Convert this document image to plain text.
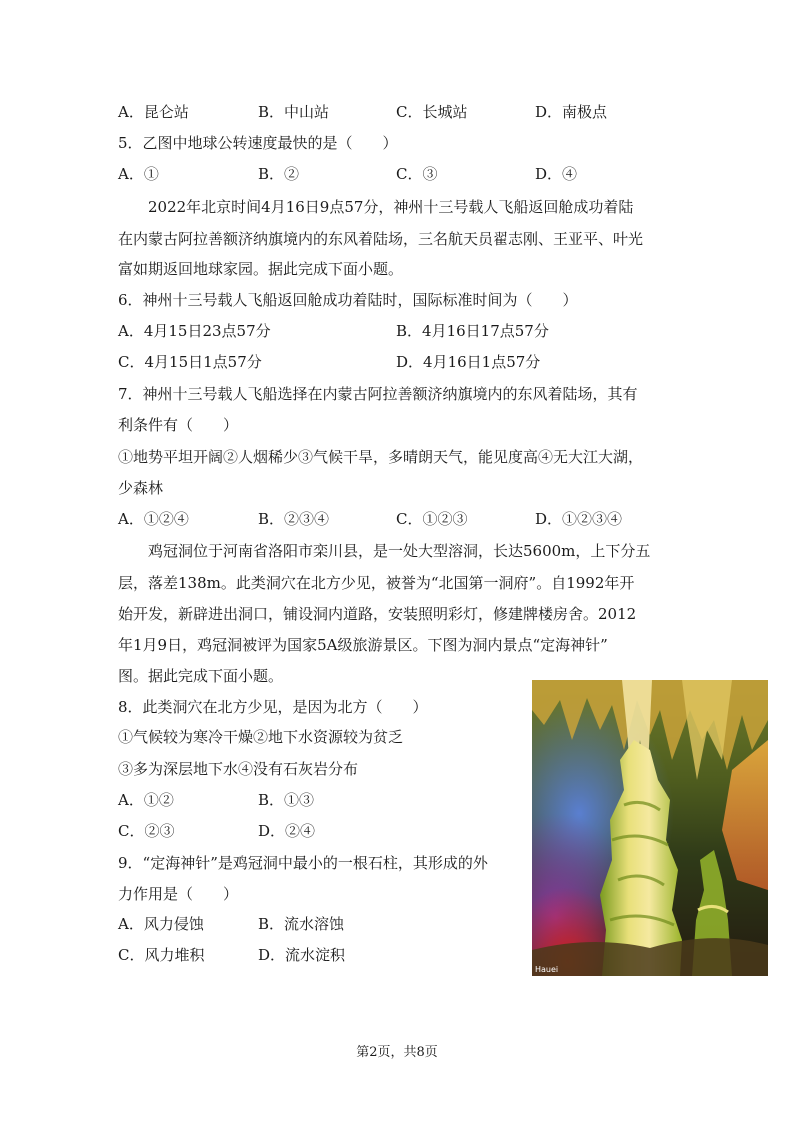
A．昆仑站	B．中山站	C．长城站	D．南极点
5．乙图中地球公转速度最快的是（　　）
A．①	B．②	C．③	D．④
2022年北京时间4月16日9点57分，神州十三号载人飞船返回舱成功着陆
在内蒙古阿拉善额济纳旗境内的东风着陆场，三名航天员翟志刚、王亚平、叶光
富如期返回地球家园。据此完成下面小题。
6．神州十三号载人飞船返回舱成功着陆时，国际标准时间为（　　）
A．4月15日23点57分	B．4月16日17点57分
C．4月15日1点57分	D．4月16日1点57分
7．神州十三号载人飞船选择在内蒙古阿拉善额济纳旗境内的东风着陆场，其有
利条件有（　　）
①地势平坦开阔②人烟稀少③气候干旱，多晴朗天气，能见度高④无大江大湖，
少森林
A．①②④	B．②③④	C．①②③	D．①②③④
鸡冠洞位于河南省洛阳市栾川县，是一处大型溶洞，长达5600m，上下分五
层，落差138m。此类洞穴在北方少见，被誉为“北国第一洞府”。自1992年开
始开发，新辟进出洞口，铺设洞内道路，安装照明彩灯，修建牌楼房舍。2012
年1月9日，鸡冠洞被评为国家5A级旅游景区。下图为洞内景点“定海神针”
图。据此完成下面小题。
8．此类洞穴在北方少见，是因为北方（　　）
①气候较为寒冷干燥②地下水资源较为贫乏
③多为深层地下水④没有石灰岩分布
A．①②	B．①③
C．②③	D．②④
9．“定海神针”是鸡冠洞中最小的一根石柱，其形成的外
力作用是（　　）
A．风力侵蚀	B．流水溶蚀
C．风力堆积	D．流水淀积
Hauei
第2页，共8页
